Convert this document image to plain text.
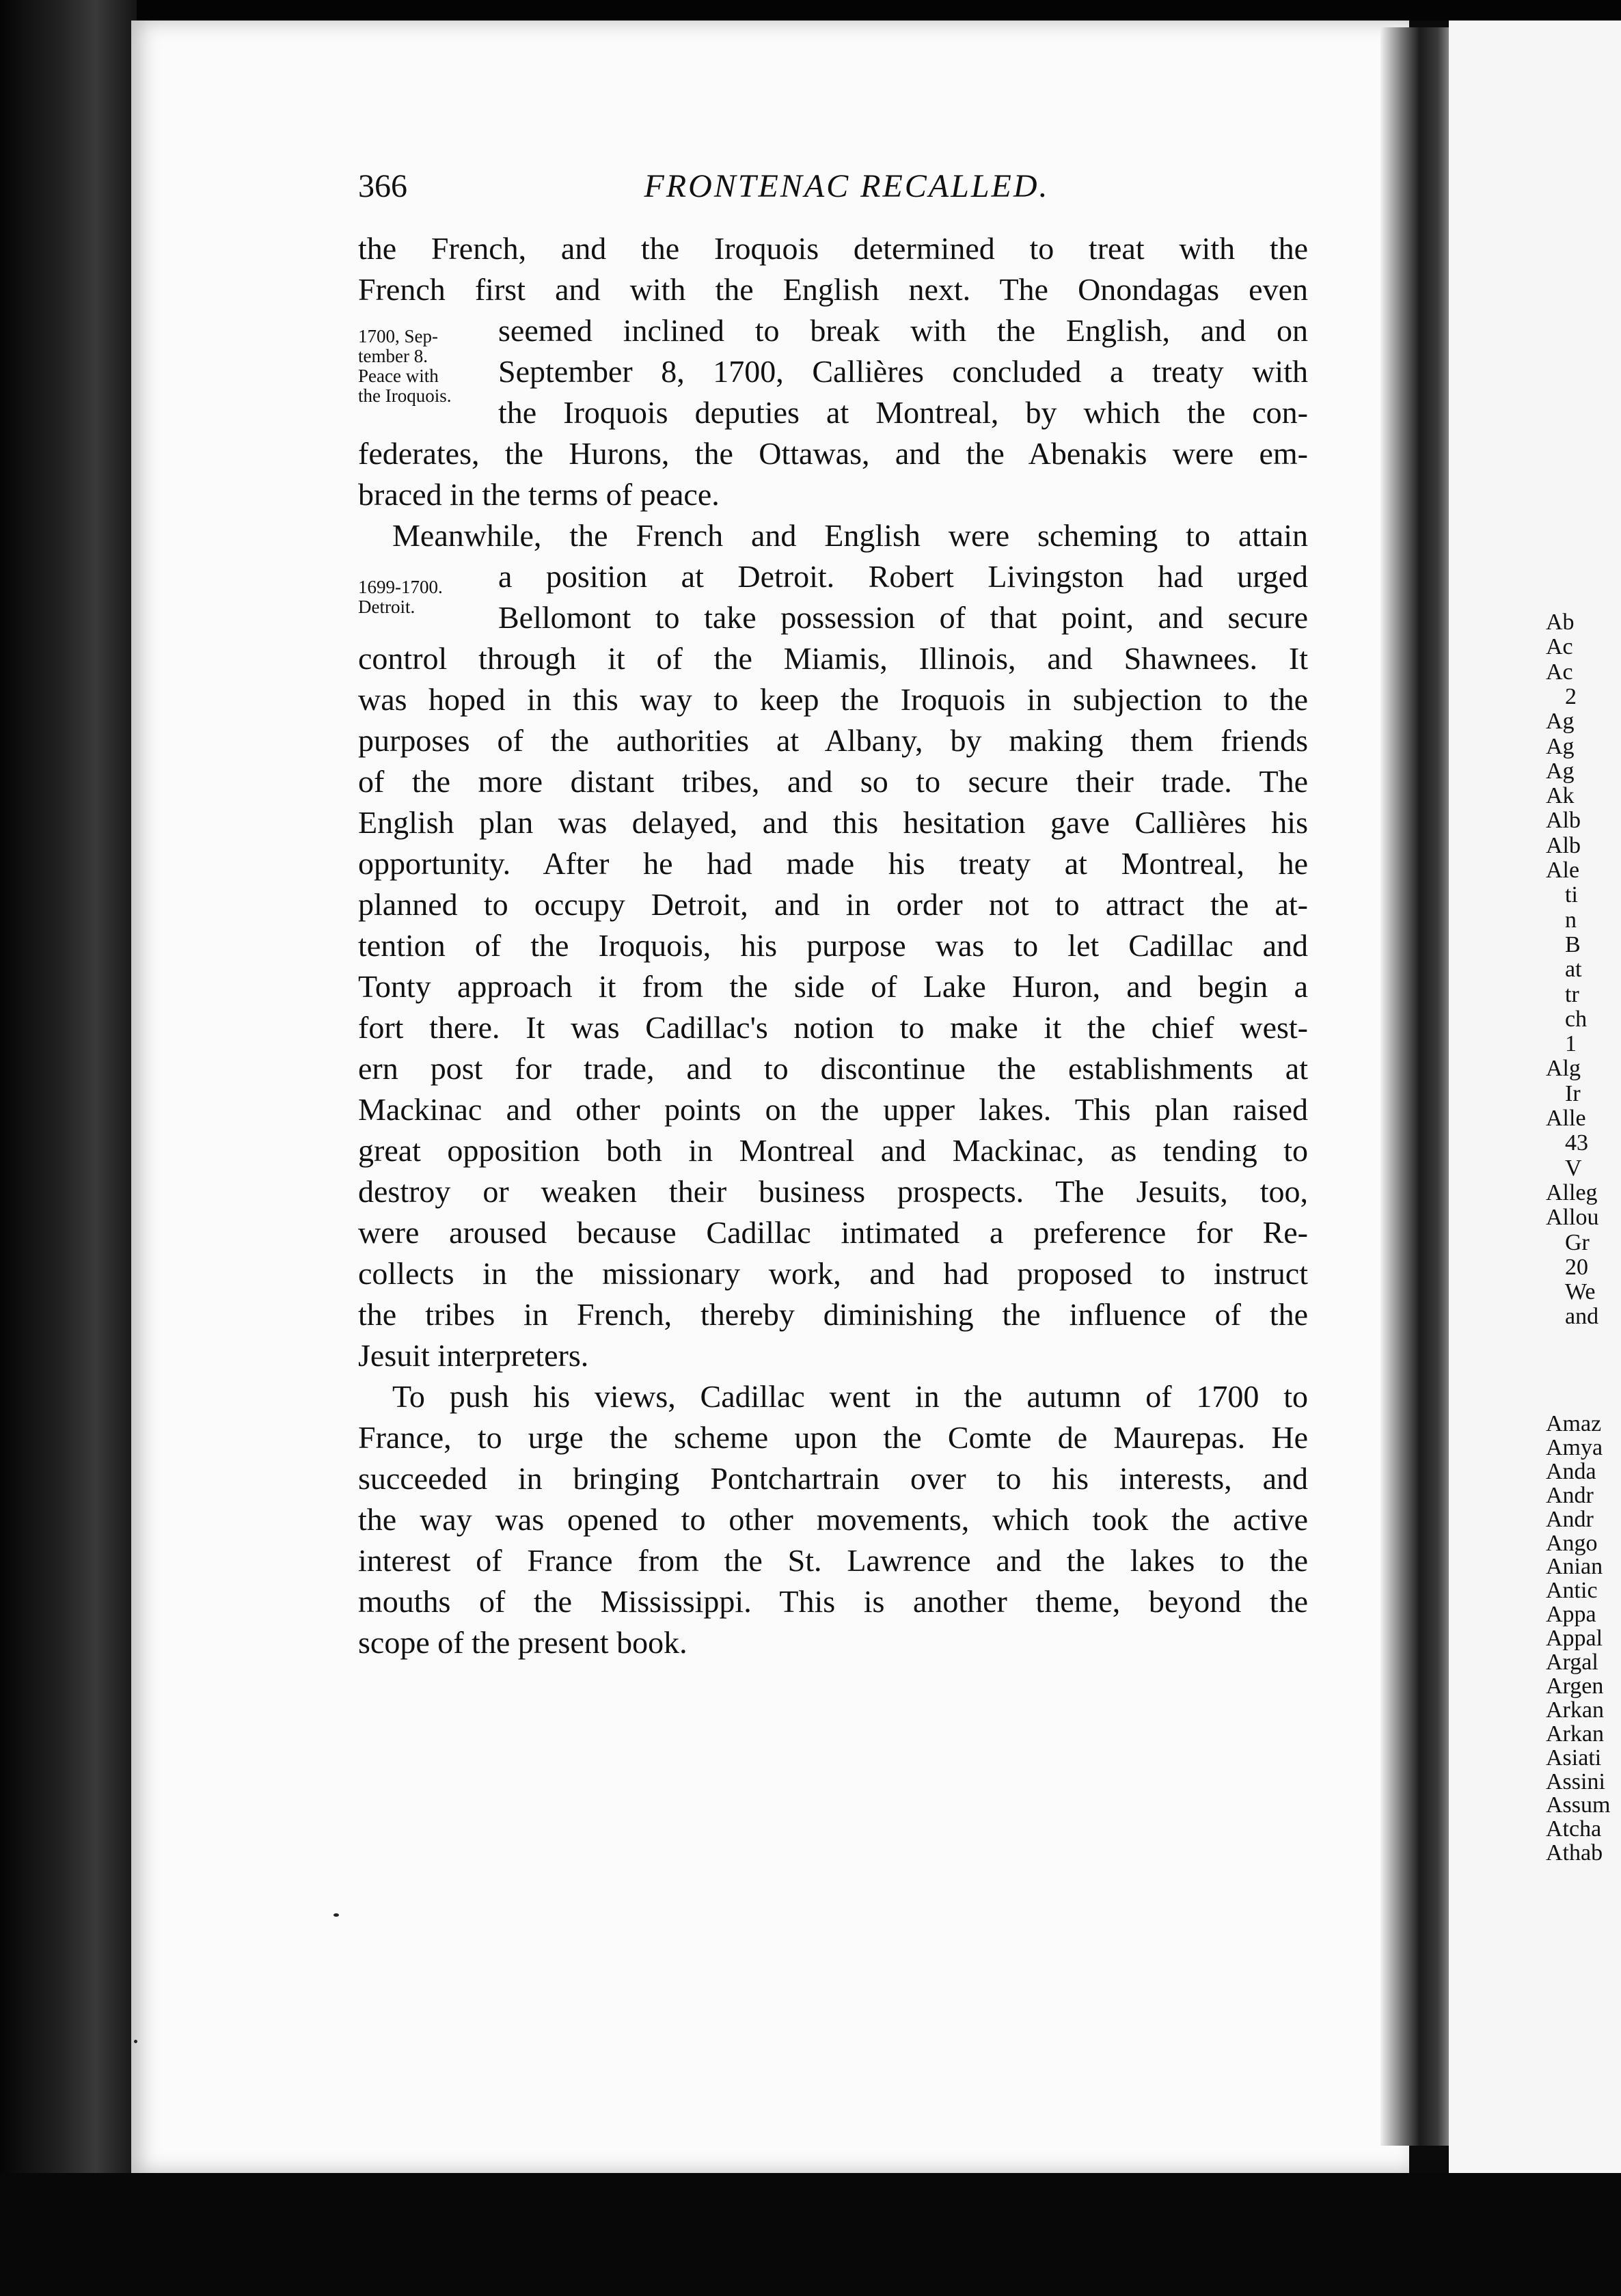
366	FRONTENAC RECALLED.
1700, Sep-
tember 8.
Peace with
the Iroquois.
1699-1700.
Detroit.
the French, and the Iroquois determined to treat with the
French first and with the English next. The Onondagas even
seemed inclined to break with the English, and on
September 8, 1700, Callières concluded a treaty with
the Iroquois deputies at Montreal, by which the con-
federates, the Hurons, the Ottawas, and the Abenakis were em-
braced in the terms of peace.
Meanwhile, the French and English were scheming to attain
a position at Detroit. Robert Livingston had urged
Bellomont to take possession of that point, and secure
control through it of the Miamis, Illinois, and Shawnees. It
was hoped in this way to keep the Iroquois in subjection to the
purposes of the authorities at Albany, by making them friends
of the more distant tribes, and so to secure their trade. The
English plan was delayed, and this hesitation gave Callières his
opportunity. After he had made his treaty at Montreal, he
planned to occupy Detroit, and in order not to attract the at-
tention of the Iroquois, his purpose was to let Cadillac and
Tonty approach it from the side of Lake Huron, and begin a
fort there. It was Cadillac's notion to make it the chief west-
ern post for trade, and to discontinue the establishments at
Mackinac and other points on the upper lakes. This plan raised
great opposition both in Montreal and Mackinac, as tending to
destroy or weaken their business prospects. The Jesuits, too,
were aroused because Cadillac intimated a preference for Re-
collects in the missionary work, and had proposed to instruct
the tribes in French, thereby diminishing the influence of the
Jesuit interpreters.
To push his views, Cadillac went in the autumn of 1700 to
France, to urge the scheme upon the Comte de Maurepas. He
succeeded in bringing Pontchartrain over to his interests, and
the way was opened to other movements, which took the active
interest of France from the St. Lawrence and the lakes to the
mouths of the Mississippi. This is another theme, beyond the
scope of the present book.
Ab
Ac
Ac
2
Ag
Ag
Ag
Ak
Alb
Alb
Ale
ti
n
B
at
tr
ch
1
Alg
Ir
Alle
43
V
Alleg
Allou
Gr
20
We
and
Amaz
Amya
Anda
Andr
Andr
Ango
Anian
Antic
Appa
Appal
Argal
Argen
Arkan
Arkan
Asiati
Assini
Assum
Atcha
Athab
